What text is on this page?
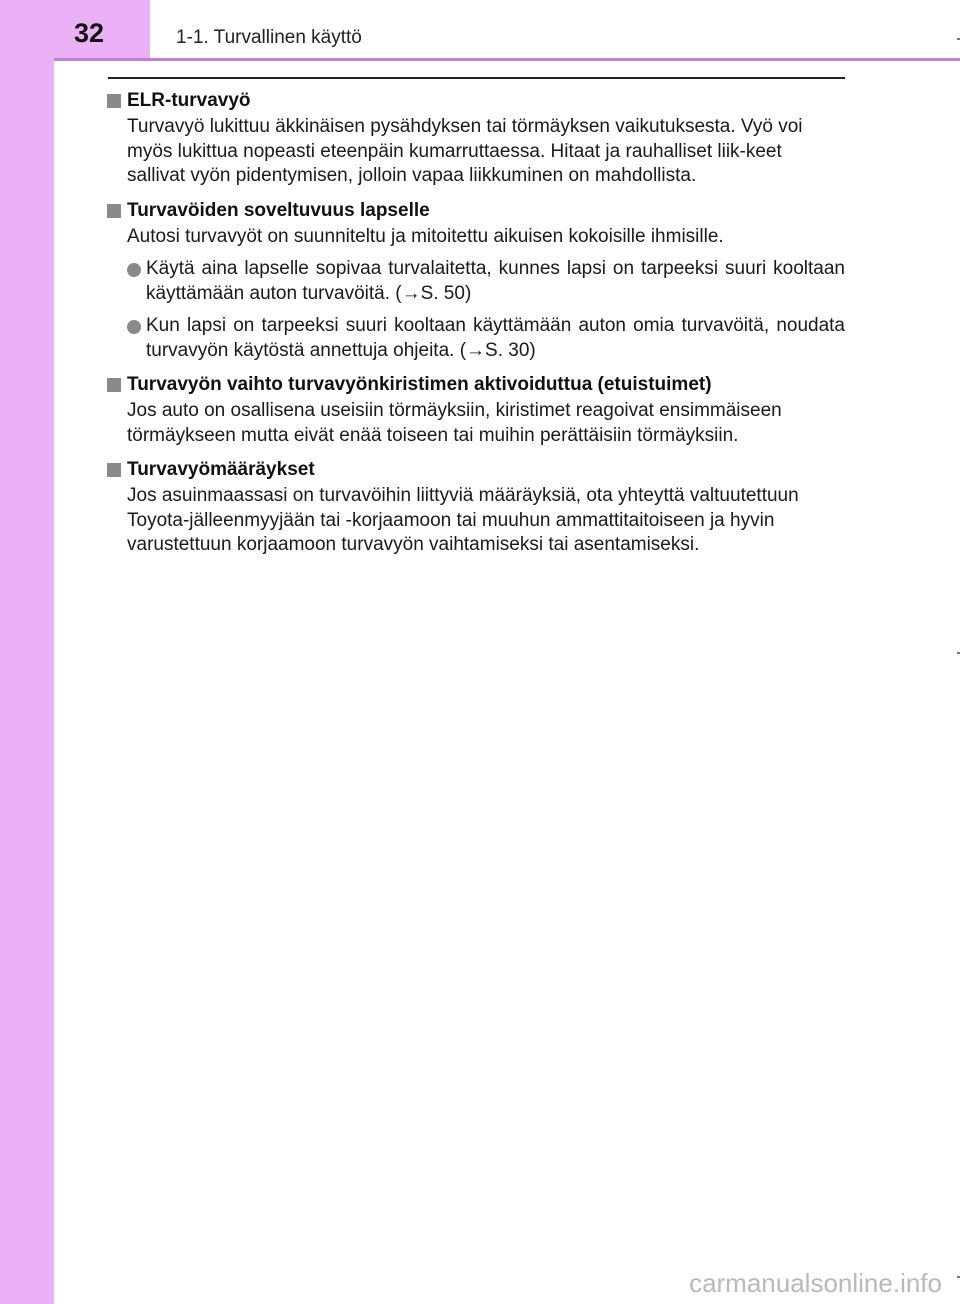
32	1-1. Turvallinen käyttö
ELR-turvavyö

Turvavyö lukittuu äkkinäisen pysähdyksen tai törmäyksen vaikutuksesta. Vyö voi myös lukittua nopeasti eteenpäin kumarruttaessa. Hitaat ja rauhalliset liik-keet sallivat vyön pidentymisen, jolloin vapaa liikkuminen on mahdollista.

Turvavöiden soveltuvuus lapselle

Autosi turvavyöt on suunniteltu ja mitoitettu aikuisen kokoisille ihmisille.

Käytä aina lapselle sopivaa turvalaitetta, kunnes lapsi on tarpeeksi suuri kooltaan käyttämään auton turvavöitä. (→S. 50)
Kun lapsi on tarpeeksi suuri kooltaan käyttämään auton omia turvavöitä, noudata turvavyön käytöstä annettuja ohjeita. (→S. 30)
Turvavyön vaihto turvavyönkiristimen aktivoiduttua (etuistuimet)

Jos auto on osallisena useisiin törmäyksiin, kiristimet reagoivat ensimmäiseen törmäykseen mutta eivät enää toiseen tai muihin perättäisiin törmäyksiin.

Turvavyömääräykset

Jos asuinmaassasi on turvavöihin liittyviä määräyksiä, ota yhteyttä valtuutettuun Toyota-jälleenmyyjään tai -korjaamoon tai muuhun ammattitaitoiseen ja hyvin varustettuun korjaamoon turvavyön vaihtamiseksi tai asentamiseksi.

carmanualsonline.info
